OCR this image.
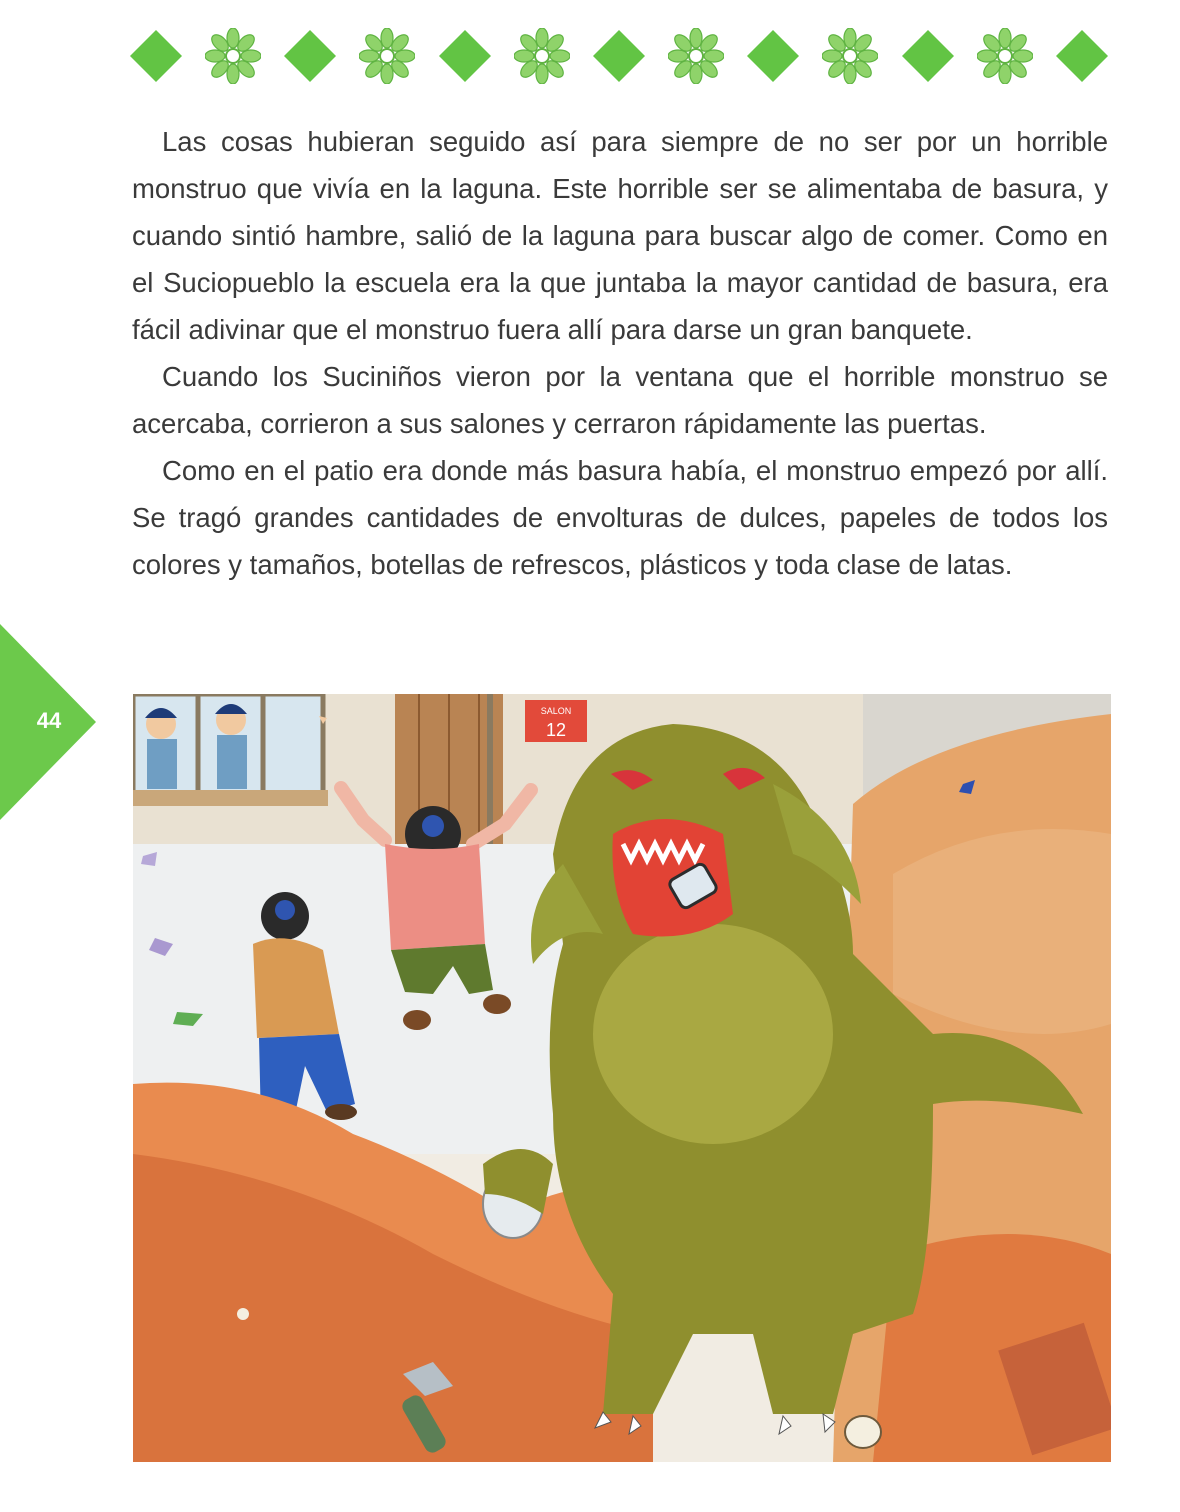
Las cosas hubieran seguido así para siempre de no ser por un horrible monstruo que vivía en la laguna. Este horrible ser se alimentaba de basura, y cuando sintió hambre, salió de la laguna para buscar algo de comer. Como en el Suciopueblo la escuela era la que juntaba la mayor cantidad de basura, era fácil adivinar que el monstruo fuera allí para darse un gran banquete.

Cuando los Suciniños vieron por la ventana que el horrible monstruo se acercaba, corrieron a sus salones y cerraron rápidamente las puertas.

Como en el patio era donde más basura había, el monstruo empezó por allí. Se tragó grandes cantidades de envolturas de dulces, papeles de todos los colores y tamaños, botellas de refrescos, plásticos y toda clase de latas.

44	SALON
12
